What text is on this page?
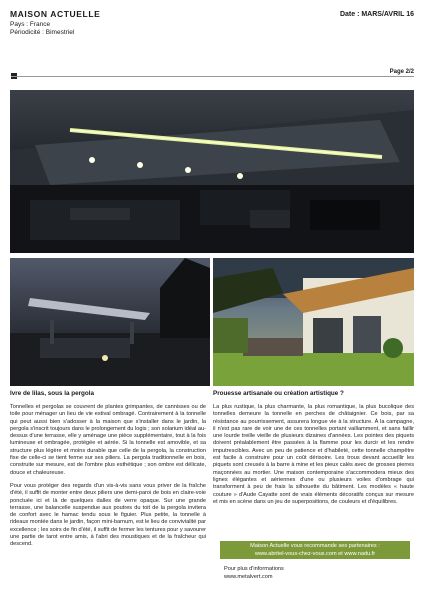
MAISON ACTUELLE
Pays : France
Périodicité : Bimestriel
Date : MARS/AVRIL 16
Page 2/2
Ivre de lilas, sous la pergola	Prouesse artisanale ou création artistique ?

Tonnelles et pergolas se couvrent de plantes grimpantes, de cannisses ou de toile pour ménager un lieu de vie estival ombragé. Contrairement à la tonnelle qui peut aussi bien s'adosser à la maison que s'installer dans le jardin, la pergola s'inscrit toujours dans le prolongement du logis ; son solarium idéal au-dessus d'une terrasse, elle y aménage une pièce supplémentaire, tout à la fois lumineuse et ombragée, protégée et aérée. Si la tonnelle est amovible, et sa structure plus légère et moins durable que celle de la pergola, la construction fixe de celle-ci se tient ferme sur ses piliers. La pergola traditionnelle en bois, construite sur mesure, est de l'ombre plus esthétique ; son ombre est délicate, douce et chaleureuse.

Pour vous protéger des regards d'un vis-à-vis sans vous priver de la fraîche d'été, il suffit de monter entre deux piliers une demi-paroi de bois en claire-voie ponctuée ici et là de quelques dalles de verre opaque. Sur une grande terrasse, une balancelle suspendue aux poutres du toit de la pergola invitera de confort avec le hamac tendu sous le figuier. Plus petite, la tonnelle à rideaux montée dans le jardin, façon mini-barnum, est le lieu de convivialité par excellence ; les soirs de fin d'été, il suffit de fermer les tentures pour y savourer une partie de tarot entre amis, à l'abri des moustiques et de la fraîcheur qui descend.

La plus rustique, la plus charmante, la plus romantique, la plus bucolique des tonnelles demeure la tonnelle en perches de châtaignier. Ce bois, par sa résistance au pourrissement, assurera longue vie à la structure. À la campagne, il n'est pas rare de voir une de ces tonnelles portant vaillamment, et sans faillir une lourde treille vieille de plusieurs dizaines d'années. Les pointes des piquets doivent préalablement être passées à la flamme pour les durcir et les rendre imputrescibles. Avec un peu de patience et d'habileté, cette tonnelle champêtre est facile à construire pour un coût dérisoire. Les trous devant accueillir les piquets sont creusés à la barre à mine et les pieux calés avec de grosses pierres maçonnées au mortier. Une maison contemporaine s'accommodera mieux des lignes élégantes et aériennes d'une ou plusieurs voiles d'ombrage qui transforment à peu de frais la silhouette du bâtiment. Les modèles « haute couture » d'Aude Cayatte sont de vrais éléments décoratifs conçus sur mesure et mis en scène dans un jeu de superpositions, de couleurs et d'équilibres.

Maison Actuelle vous recommande ses partenaires :
www.abritel-vous-chez-vous.com et www.nadu.fr
Pour plus d'informations
www.metalvert.com
